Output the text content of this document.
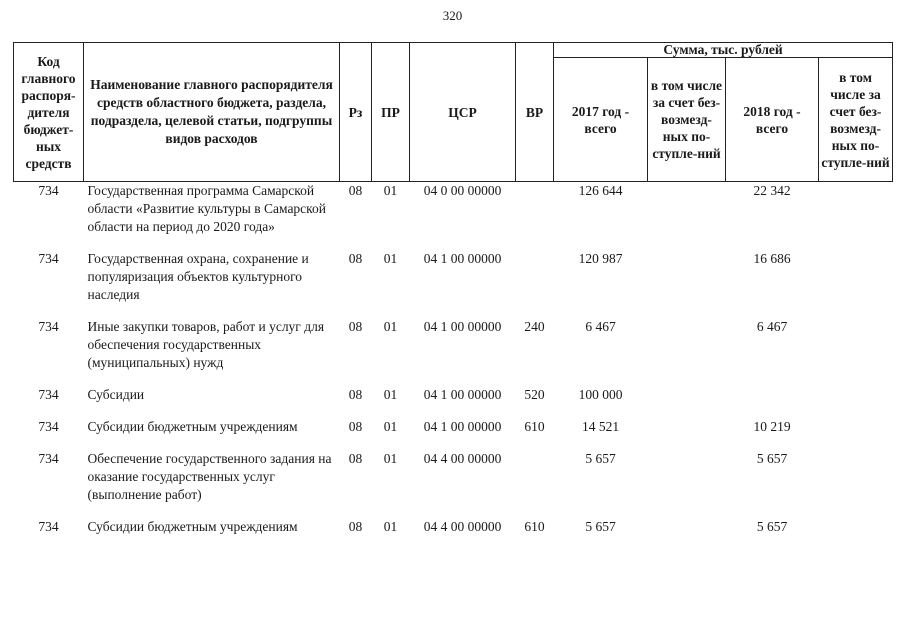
320
Код главного распоря-дителя бюджет-ных средств	Наименование главного распорядителя средств областного бюджета, раздела, подраздела, целевой статьи, подгруппы видов расходов	Рз	ПР	ЦСР	ВР	Сумма, тыс. рублей			
						2017 год - всего	в том числе за счет без-возмезд-ных по-ступле-ний	2018 год - всего	в том числе за счет без-возмезд-ных по-ступле-ний
734	Государственная программа Самарской области «Развитие культуры в Самарской области на период до 2020 года»	08	01	04 0 00 00000		126 644		22 342	
734	Государственная охрана, сохранение и популяризация объектов культурного наследия	08	01	04 1 00 00000		120 987		16 686	
734	Иные закупки товаров, работ и услуг для обеспечения государственных (муниципальных) нужд	08	01	04 1 00 00000	240	6 467		6 467	
734	Субсидии	08	01	04 1 00 00000	520	100 000			
734	Субсидии бюджетным учреждениям	08	01	04 1 00 00000	610	14 521		10 219	
734	Обеспечение государственного задания на оказание государственных услуг (выполнение работ)	08	01	04 4 00 00000		5 657		5 657	
734	Субсидии бюджетным учреждениям	08	01	04 4 00 00000	610	5 657		5 657	
